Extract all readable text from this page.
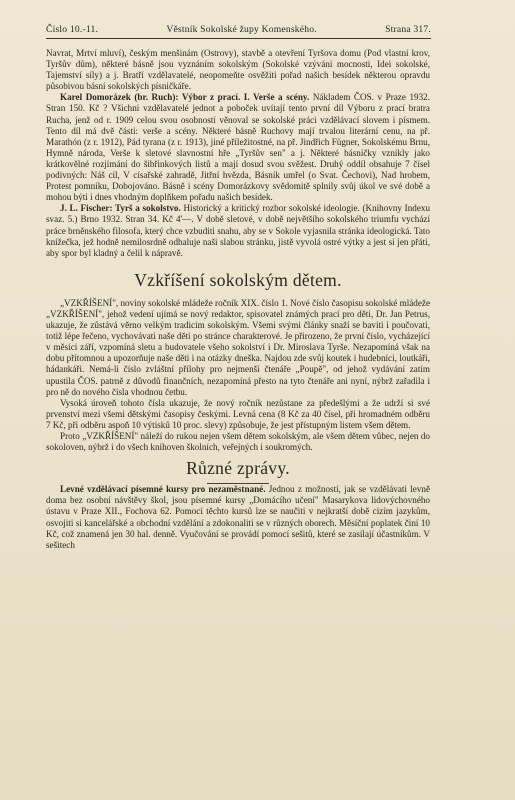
Číslo 10.-11.	Věstník Sokolské župy Komenského.	Strana 317.

Navrat, Mrtví mluví), českým menšinám (Ostrovy), stavbě a otevření Tyršova domu (Pod vlastní krov, Tyršův dům), některé básně jsou vyznáním sokolským (Sokolské vzývání mocnosti, Idei sokolské, Tajemství síly) a j. Bratří vzdělavatelé, neopomeňte osvěžiti pořad našich besídek některou opravdu působivou básní sokolských písničkáře.

Karel Domorázek (br. Ruch): Výbor z prací. I. Verše a scény. Nákladem ČOS. v Praze 1932. Stran 150. Kč ? Všichni vzdělavatelé jednot a poboček uvítají tento první díl Výboru z prací bratra Rucha, jenž od r. 1909 celou svou osobností věnoval se sokolské práci vzdělávací slovem i písmem. Tento díl má dvě části: verše a scény. Některé básně Ruchovy mají trvalou literární cenu, na př. Marathón (z r. 1912), Pád tyrana (z r. 1913), jiné příležitostné, na př. Jindřich Fügner, Sokolskému Brnu, Hymně národa, Verše k sletové slavnostní hře „Tyršův sen" a j. Některé básničky vznikly jako krátkovělné rozjímání do šibřinkových listů a mají dosud svou svěžest. Druhý oddíl obsahuje 7 čísel podivných: Náš cíl, V císařské zahradě, Jitřní hvězda, Básník umřel (o Svat. Čechovi), Nad hrobem, Protest pomníku, Dobojováno. Básně i scény Domorázkovy svědomitě splnily svůj úkol ve své době a mohou býti i dnes vhodným doplňkem pořadu našich besídek.

J. L. Fischer: Tyrš a sokolstvo. Historický a kritický rozbor sokolské ideologie. (Knihovny Indexu svaz. 5.) Brno 1932. Stran 34. Kč 4'—. V době sletové, v době největšího sokolského triumfu vychází práce brněnského filosofa, který chce vzbuditi snahu, aby se v Sokole vyjasnila stránka ideologická. Tato knížečka, jež hodně nemilosrdně odhaluje naši slabou stránku, jistě vyvolá ostré výtky a jest si jen přáti, aby spor byl kladný a čelil k nápravě.

Vzkříšení sokolským dětem.

„VZKŘÍŠENÍ", noviny sokolské mládeže ročník XIX. číslo 1. Nové číslo časopisu sokolské mládeže „VZKŘÍŠENÍ", jehož vedení ujímá se nový redaktor, spisovatel známých prací pro děti, Dr. Jan Petrus, ukazuje, že zůstává věrno velkým tradicím sokolským. Všemi svými články snaží se baviti i poučovati, totiž lépe řečeno, vychovávati naše děti po stránce charakterové. Je přirozeno, že první číslo, vycházející v měsíci září, vzpomíná sletu a budovatele všeho sokolství i Dr. Miroslava Tyrše. Nezapomíná však na dobu přítomnou a upozorňuje naše děti i na otázky dneška. Najdou zde svůj koutek i hudebníci, loutkáři, hádankáři. Nemá-li číslo zvláštní přílohy pro nejmenší čtenáře „Poupě", od jehož vydávání zatím upustila ČOS. patrně z důvodů finančních, nezapomíná přesto na tyto čtenáře ani nyní, nýbrž zařadila i pro ně do nového čísla vhodnou četbu.

Vysoká úroveň tohoto čísla ukazuje, že nový ročník nezůstane za předešlými a že udrží si své prvenství mezi všemi dětskými časopisy českými. Levná cena (8 Kč za 40 čísel, při hromadném odběru 7 Kč, při odběru aspoň 10 výtisků 10 proc. slevy) způsobuje, že jest přístupným listem všem dětem.

Proto „VZKŘÍŠENÍ" náleží do rukou nejen všem dětem sokolským, ale všem dětem vůbec, nejen do sokoloven, nýbrž i do všech knihoven školních, veřejných i soukromých.

Různé zprávy.

Levné vzdělávací písemné kursy pro nezaměstnané. Jednou z možností, jak se vzdělávati levně doma bez osobní návštěvy škol, jsou písemné kursy „Domácího učení" Masarykova lidovýchovného ústavu v Praze XII., Fochova 62. Pomocí těchto kursů lze se naučiti v nejkratší době cizím jazykům, osvojiti si kancelářské a obchodní vzdělání a zdokonaliti se v různých oborech. Měsíční poplatek činí 10 Kč, což znamená jen 30 hal. denně. Vyučování se provádí pomocí sešitů, které se zasílají účastníkům. V sešitech
